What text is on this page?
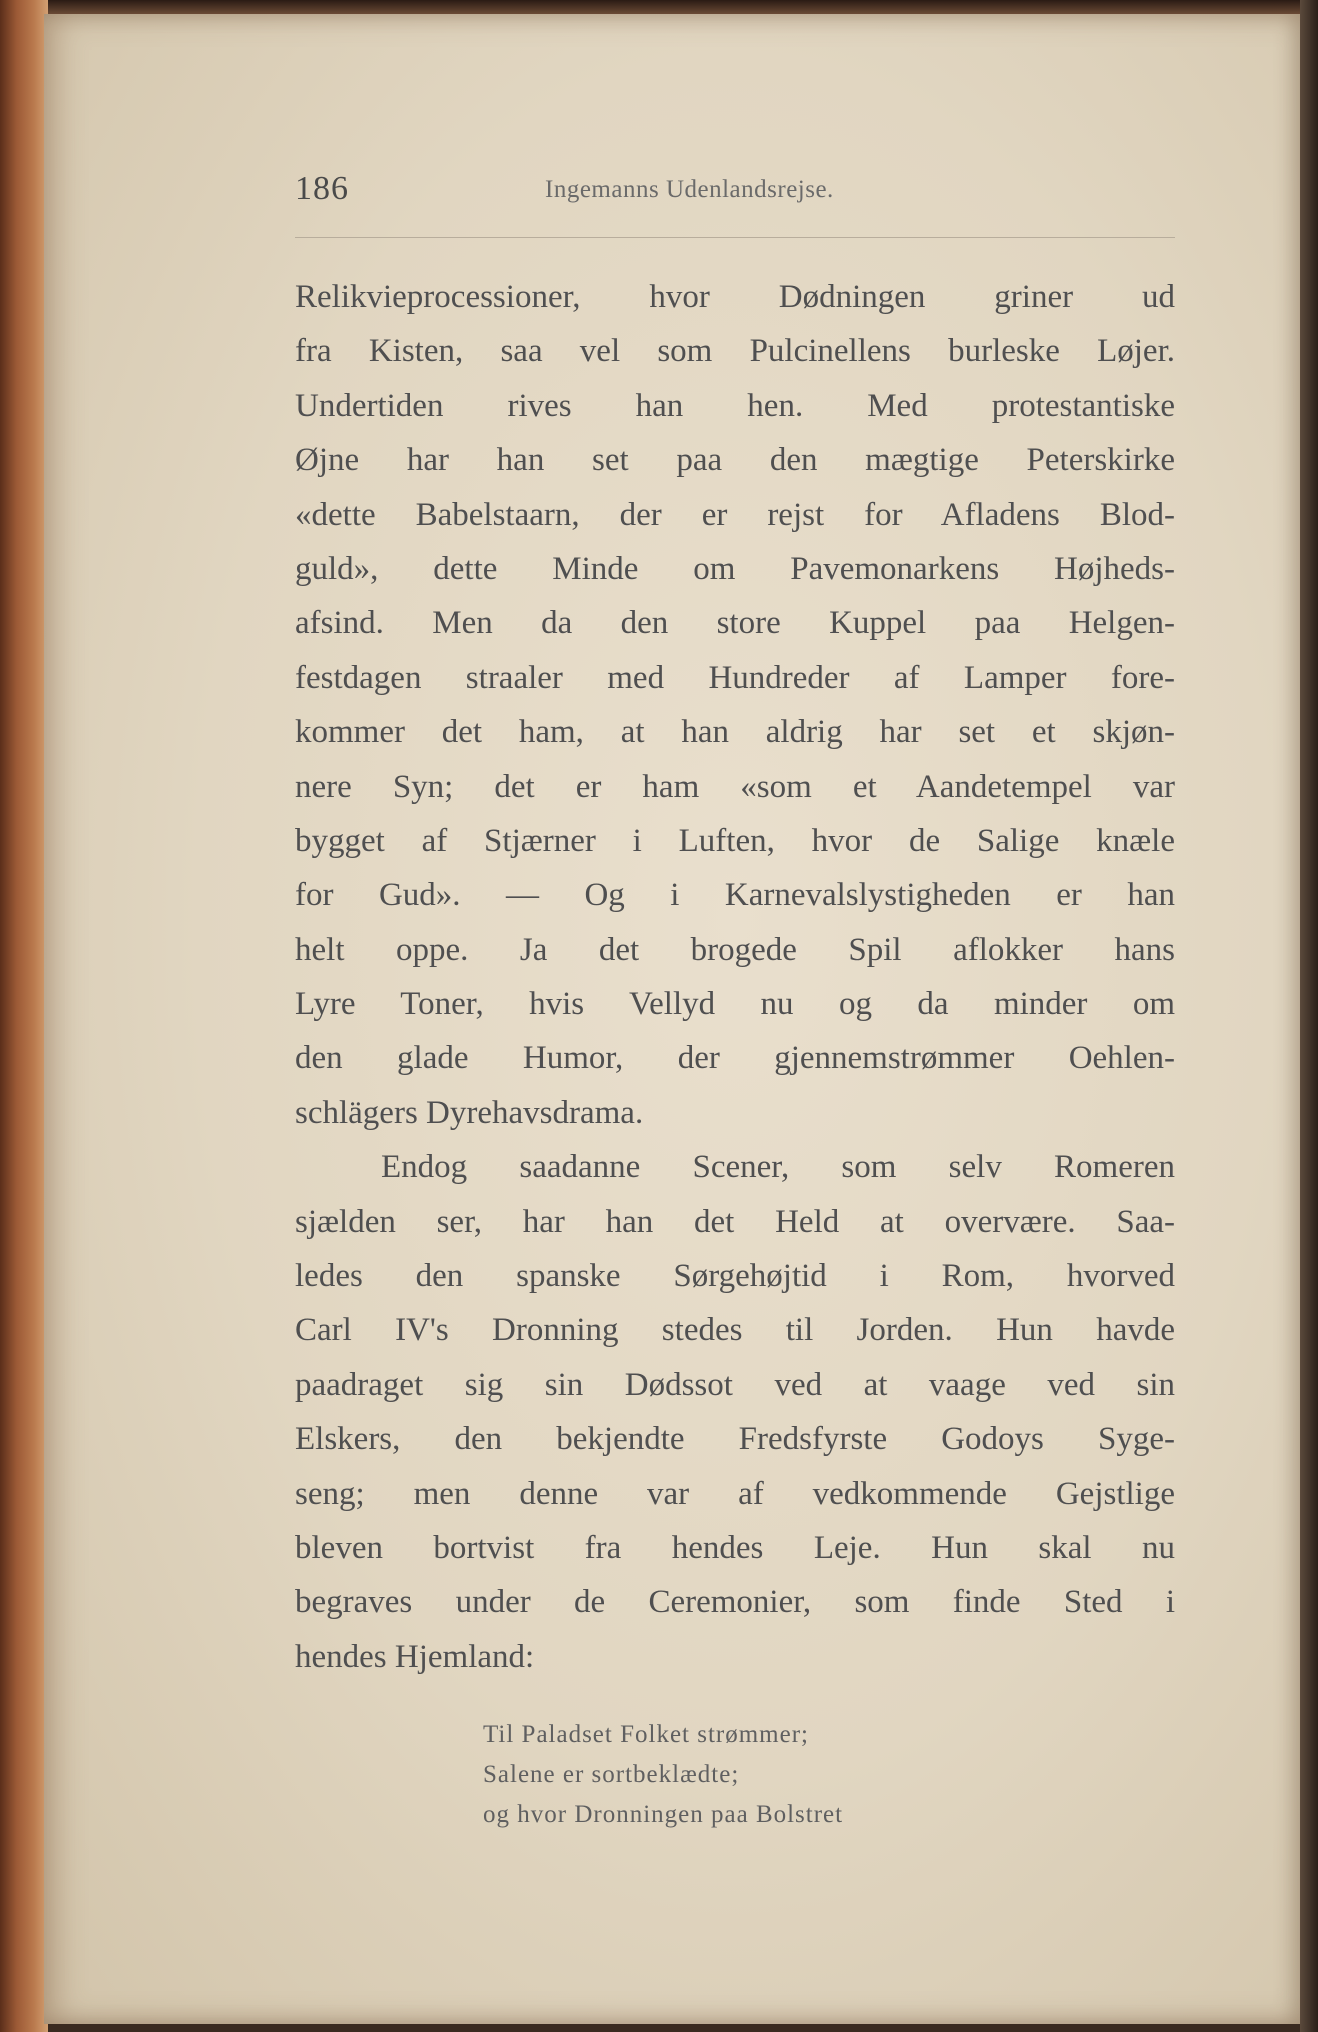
186	Ingemanns Udenlandsrejse.
Relikvieprocessioner, hvor Dødningen griner ud
fra Kisten, saa vel som Pulcinellens burleske Løjer.
Undertiden rives han hen. Med protestantiske
Øjne har han set paa den mægtige Peterskirke
«dette Babelstaarn, der er rejst for Afladens Blod-
guld», dette Minde om Pavemonarkens Højheds-
afsind. Men da den store Kuppel paa Helgen-
festdagen straaler med Hundreder af Lamper fore-
kommer det ham, at han aldrig har set et skjøn-
nere Syn; det er ham «som et Aandetempel var
bygget af Stjærner i Luften, hvor de Salige knæle
for Gud». — Og i Karnevalslystigheden er han
helt oppe. Ja det brogede Spil aflokker hans
Lyre Toner, hvis Vellyd nu og da minder om
den glade Humor, der gjennemstrømmer Oehlen-
schlägers Dyrehavsdrama.
Endog saadanne Scener, som selv Romeren
sjælden ser, har han det Held at overvære. Saa-
ledes den spanske Sørgehøjtid i Rom, hvorved
Carl IV's Dronning stedes til Jorden. Hun havde
paadraget sig sin Dødssot ved at vaage ved sin
Elskers, den bekjendte Fredsfyrste Godoys Syge-
seng; men denne var af vedkommende Gejstlige
bleven bortvist fra hendes Leje. Hun skal nu
begraves under de Ceremonier, som finde Sted i
hendes Hjemland:
Til Paladset Folket strømmer;
Salene er sortbeklædte;
og hvor Dronningen paa Bolstret
